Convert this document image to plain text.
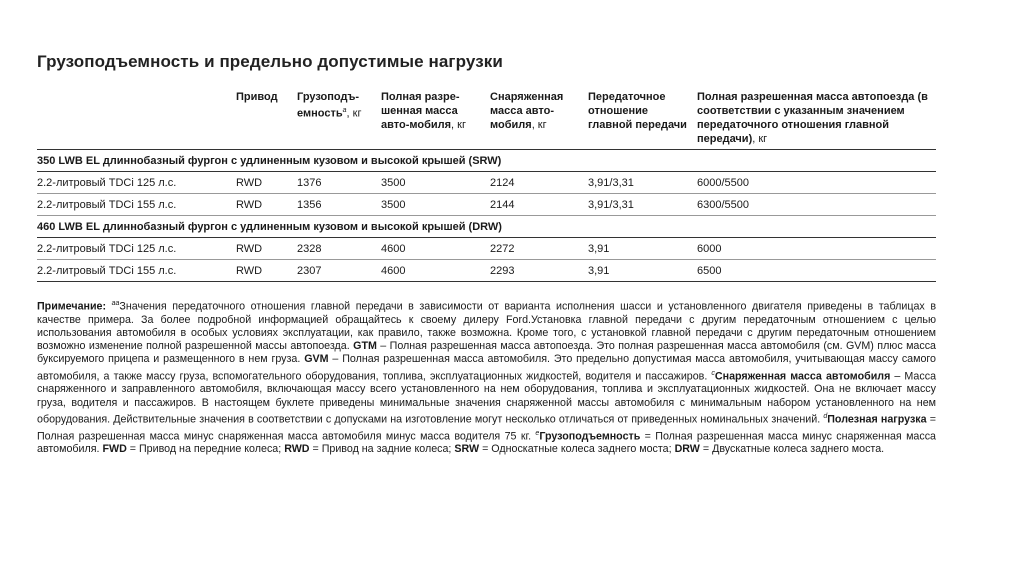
Грузоподъемность и предельно допустимые нагрузки
	Привод	Грузоподъ-емность$^a$, кг	Полная разре-шенная масса авто-мобиля, кг	Снаряженная масса авто-мобиля, кг	Передаточное отношение главной передачи	Полная разрешенная масса автопоезда (в соответствии с указанным значением передаточного отношения главной передачи), кг
350 LWB EL длиннобазный фургон с удлиненным кузовом и высокой крышей (SRW)						
2.2-литровый TDCi 125 л.с.	RWD	1376	3500	2124	3,91/3,31	6000/5500
2.2-литровый TDCi 155 л.с.	RWD	1356	3500	2144	3,91/3,31	6300/5500
460 LWB EL длиннобазный фургон с удлиненным кузовом и высокой крышей (DRW)						
2.2-литровый TDCi 125 л.с.	RWD	2328	4600	2272	3,91	6000
2.2-литровый TDCi 155 л.с.	RWD	2307	4600	2293	3,91	6500
Примечание: $^{aa}$Значения передаточного отношения главной передачи в зависимости от варианта исполнения шасси и установленного двигателя приведены в таблицах в качестве примера. За более подробной информацией обращайтесь к своему дилеру Ford.Установка главной передачи с другим передаточным отношением с целью использования автомобиля в особых условиях эксплуатации, как правило, также возможна. Кроме того, с установкой главной передачи с другим передаточным отношением возможно изменение полной разрешенной массы автопоезда. GTM – Полная разрешенная масса автопоезда. Это полная разрешенная масса автомобиля (см. GVM) плюс масса буксируемого прицепа и размещенного в нем груза. GVM – Полная разрешенная масса автомобиля. Это предельно допустимая масса автомобиля, учитывающая массу самого автомобиля, а также массу груза, вспомогательного оборудования, топлива, эксплуатационных жидкостей, водителя и пассажиров. $^c$Снаряженная масса автомобиля – Масса снаряженного и заправленного автомобиля, включающая массу всего установленного на нем оборудования, топлива и эксплуатационных жидкостей. Она не включает массу груза, водителя и пассажиров. В настоящем буклете приведены минимальные значения снаряженной массы автомобиля с минимальным набором установленного на нем оборудования. Действительные значения в соответствии с допусками на изготовление могут несколько отличаться от приведенных номинальных значений. $^d$Полезная нагрузка = Полная разрешенная масса минус снаряженная масса автомобиля минус масса водителя 75 кг. $^e$Грузоподъемность = Полная разрешенная масса минус снаряженная масса автомобиля. FWD = Привод на передние колеса; RWD = Привод на задние колеса; SRW = Односкатные колеса заднего моста; DRW = Двускатные колеса заднего моста.
